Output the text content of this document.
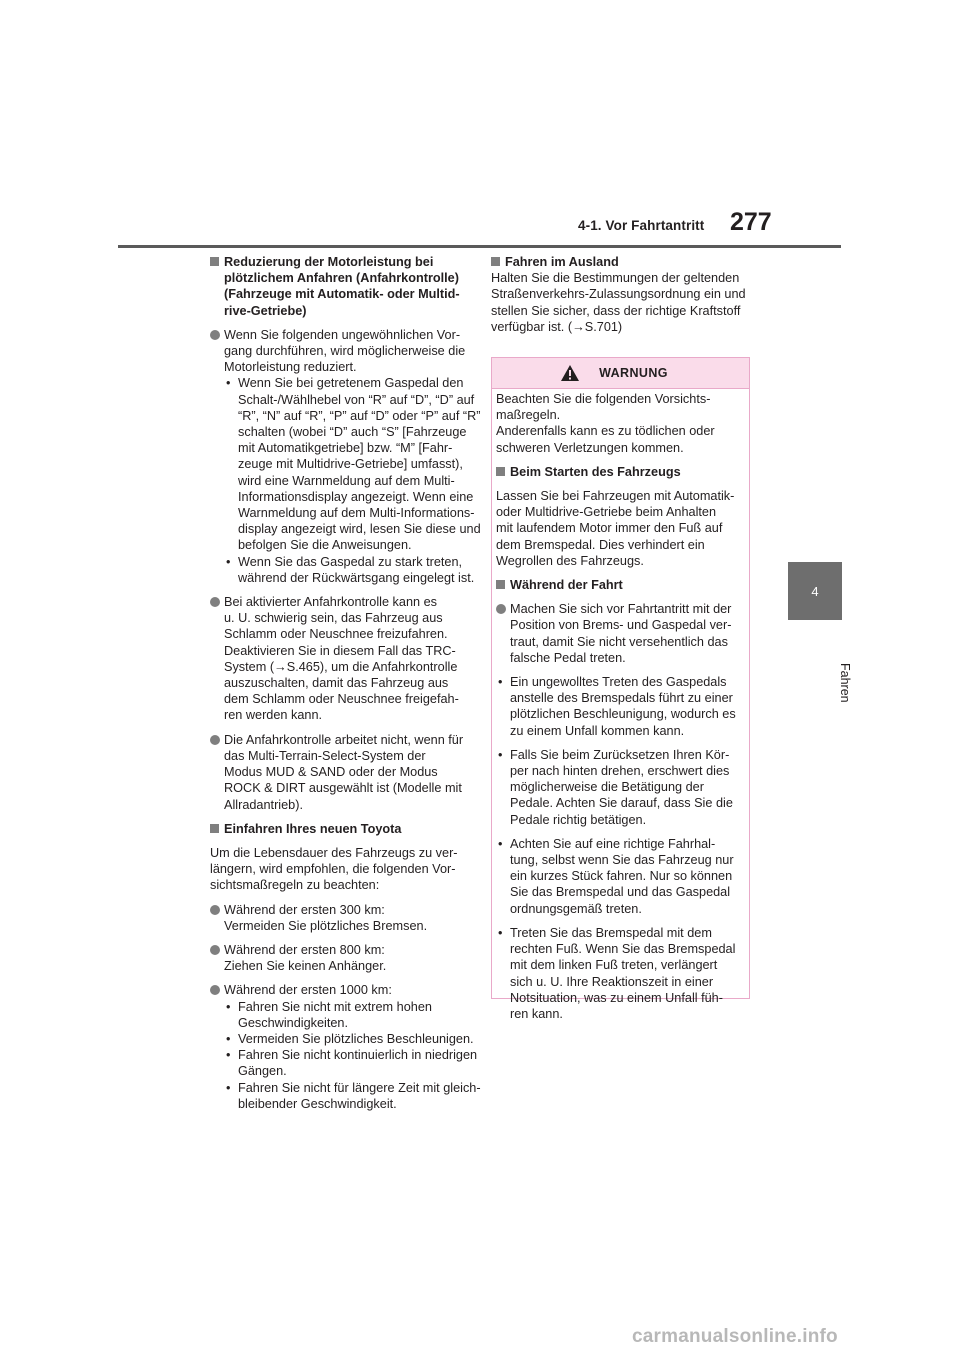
4-1. Vor Fahrtantritt 277
4
Fahren
Reduzierung der Motorleistung bei
plötzlichem Anfahren (Anfahrkontrolle)
(Fahrzeuge mit Automatik- oder Multid-
rive-Getriebe)
Wenn Sie folgenden ungewöhnlichen Vor-
gang durchführen, wird möglicherweise die
Motorleistung reduziert.
• Wenn Sie bei getretenem Gaspedal den
Schalt-/Wählhebel von “R” auf “D”, “D” auf
“R”, “N” auf “R”, “P” auf “D” oder “P” auf “R”
schalten (wobei “D” auch “S” [Fahrzeuge
mit Automatikgetriebe] bzw. “M” [Fahr-
zeuge mit Multidrive-Getriebe] umfasst),
wird eine Warnmeldung auf dem Multi-
Informationsdisplay angezeigt. Wenn eine
Warnmeldung auf dem Multi-Informations-
display angezeigt wird, lesen Sie diese und
befolgen Sie die Anweisungen.
• Wenn Sie das Gaspedal zu stark treten,
während der Rückwärtsgang eingelegt ist.
Bei aktivierter Anfahrkontrolle kann es
u. U. schwierig sein, das Fahrzeug aus
Schlamm oder Neuschnee freizufahren.
Deaktivieren Sie in diesem Fall das TRC-
System (→S.465), um die Anfahrkontrolle
auszuschalten, damit das Fahrzeug aus
dem Schlamm oder Neuschnee freigefah-
ren werden kann.
Die Anfahrkontrolle arbeitet nicht, wenn für
das Multi-Terrain-Select-System der
Modus MUD & SAND oder der Modus
ROCK & DIRT ausgewählt ist (Modelle mit
Allradantrieb).
Einfahren Ihres neuen Toyota
Um die Lebensdauer des Fahrzeugs zu ver-
längern, wird empfohlen, die folgenden Vor-
sichtsmaßregeln zu beachten:
Während der ersten 300 km:
Vermeiden Sie plötzliches Bremsen.
Während der ersten 800 km:
Ziehen Sie keinen Anhänger.
Während der ersten 1000 km:
• Fahren Sie nicht mit extrem hohen
Geschwindigkeiten.
• Vermeiden Sie plötzliches Beschleunigen.
• Fahren Sie nicht kontinuierlich in niedrigen
Gängen.
• Fahren Sie nicht für längere Zeit mit gleich-
bleibender Geschwindigkeit.
Fahren im Ausland
Halten Sie die Bestimmungen der geltenden
Straßenverkehrs-Zulassungsordnung ein und
stellen Sie sicher, dass der richtige Kraftstoff
verfügbar ist. (→S.701)
WARNUNG
Beachten Sie die folgenden Vorsichts-
maßregeln.
Anderenfalls kann es zu tödlichen oder
schweren Verletzungen kommen.
Beim Starten des Fahrzeugs
Lassen Sie bei Fahrzeugen mit Automatik-
oder Multidrive-Getriebe beim Anhalten
mit laufendem Motor immer den Fuß auf
dem Bremspedal. Dies verhindert ein
Wegrollen des Fahrzeugs.
Während der Fahrt
Machen Sie sich vor Fahrtantritt mit der
Position von Brems- und Gaspedal ver-
traut, damit Sie nicht versehentlich das
falsche Pedal treten.
• Ein ungewolltes Treten des Gaspedals
anstelle des Bremspedals führt zu einer
plötzlichen Beschleunigung, wodurch es
zu einem Unfall kommen kann.
• Falls Sie beim Zurücksetzen Ihren Kör-
per nach hinten drehen, erschwert dies
möglicherweise die Betätigung der
Pedale. Achten Sie darauf, dass Sie die
Pedale richtig betätigen.
• Achten Sie auf eine richtige Fahrhal-
tung, selbst wenn Sie das Fahrzeug nur
ein kurzes Stück fahren. Nur so können
Sie das Bremspedal und das Gaspedal
ordnungsgemäß treten.
• Treten Sie das Bremspedal mit dem
rechten Fuß. Wenn Sie das Bremspedal
mit dem linken Fuß treten, verlängert
sich u. U. Ihre Reaktionszeit in einer
Notsituation, was zu einem Unfall füh-
ren kann.
carmanualsonline.info
